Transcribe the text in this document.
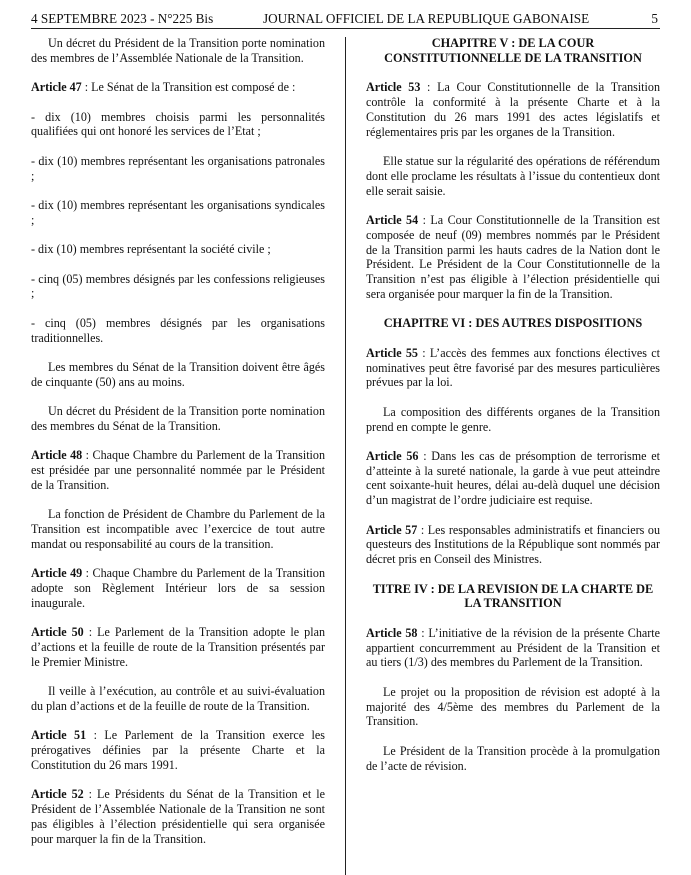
4 SEPTEMBRE 2023 - N°225 Bis	JOURNAL OFFICIEL DE LA REPUBLIQUE GABONAISE	5

Un décret du Président de la Transition porte nomination des membres de l’Assemblée Nationale de la Transition.

Article 47 : Le Sénat de la Transition est composé de :

- dix (10) membres choisis parmi les personnalités qualifiées qui ont honoré les services de l’Etat ;

- dix (10) membres représentant les organisations patronales ;

- dix (10) membres représentant les organisations syndicales ;

- dix (10) membres représentant la société civile ;

- cinq (05) membres désignés par les confessions religieuses ;

- cinq (05) membres désignés par les organisations traditionnelles.

Les membres du Sénat de la Transition doivent être âgés de cinquante (50) ans au moins.

Un décret du Président de la Transition porte nomination des membres du Sénat de la Transition.

Article 48 : Chaque Chambre du Parlement de la Transition est présidée par une personnalité nommée par le Président de la Transition.

La fonction de Président de Chambre du Parlement de la Transition est incompatible avec l’exercice de tout autre mandat ou responsabilité au cours de la transition.

Article 49 : Chaque Chambre du Parlement de la Transition adopte son Règlement Intérieur lors de sa session inaugurale.

Article 50 : Le Parlement de la Transition adopte le plan d’actions et la feuille de route de la Transition présentés par le Premier Ministre.

Il veille à l’exécution, au contrôle et au suivi-évaluation du plan d’actions et de la feuille de route de la Transition.

Article 51 : Le Parlement de la Transition exerce les prérogatives définies par la présente Charte et la Constitution du 26 mars 1991.

Article 52 : Le Présidents du Sénat de la Transition et le Président de l’Assemblée Nationale de la Transition ne sont pas éligibles à l’élection présidentielle qui sera organisée pour marquer la fin de la Transition.

CHAPITRE V : DE LA COUR CONSTITUTIONNELLE DE LA TRANSITION

Article 53 : La Cour Constitutionnelle de la Transition contrôle la conformité à la présente Charte et à la Constitution du 26 mars 1991 des actes législatifs et réglementaires pris par les organes de la Transition.

Elle statue sur la régularité des opérations de référendum dont elle proclame les résultats à l’issue du contentieux dont elle serait saisie.

Article 54 : La Cour Constitutionnelle de la Transition est composée de neuf (09) membres nommés par le Président de la Transition parmi les hauts cadres de la Nation dont le Président. Le Président de la Cour Constitutionnelle de la Transition n’est pas éligible à l’élection présidentielle qui sera organisée pour marquer la fin de la Transition.

CHAPITRE VI : DES AUTRES DISPOSITIONS

Article 55 : L’accès des femmes aux fonctions électives ct nominatives peut être favorisé par des mesures particulières prévues par la loi.

La composition des différents organes de la Transition prend en compte le genre.

Article 56 : Dans les cas de présomption de terrorisme et d’atteinte à la sureté nationale, la garde à vue peut atteindre cent soixante-huit heures, délai au-delà duquel une décision d’un magistrat de l’ordre judiciaire est requise.

Article 57 : Les responsables administratifs et financiers ou questeurs des Institutions de la République sont nommés par décret pris en Conseil des Ministres.

TITRE IV : DE LA REVISION DE LA CHARTE DE LA TRANSITION

Article 58 : L’initiative de la révision de la présente Charte appartient concurremment au Président de la Transition et au tiers (1/3) des membres du Parlement de la Transition.

Le projet ou la proposition de révision est adopté à la majorité des 4/5ème des membres du Parlement de la Transition.

Le Président de la Transition procède à la promulgation de l’acte de révision.
